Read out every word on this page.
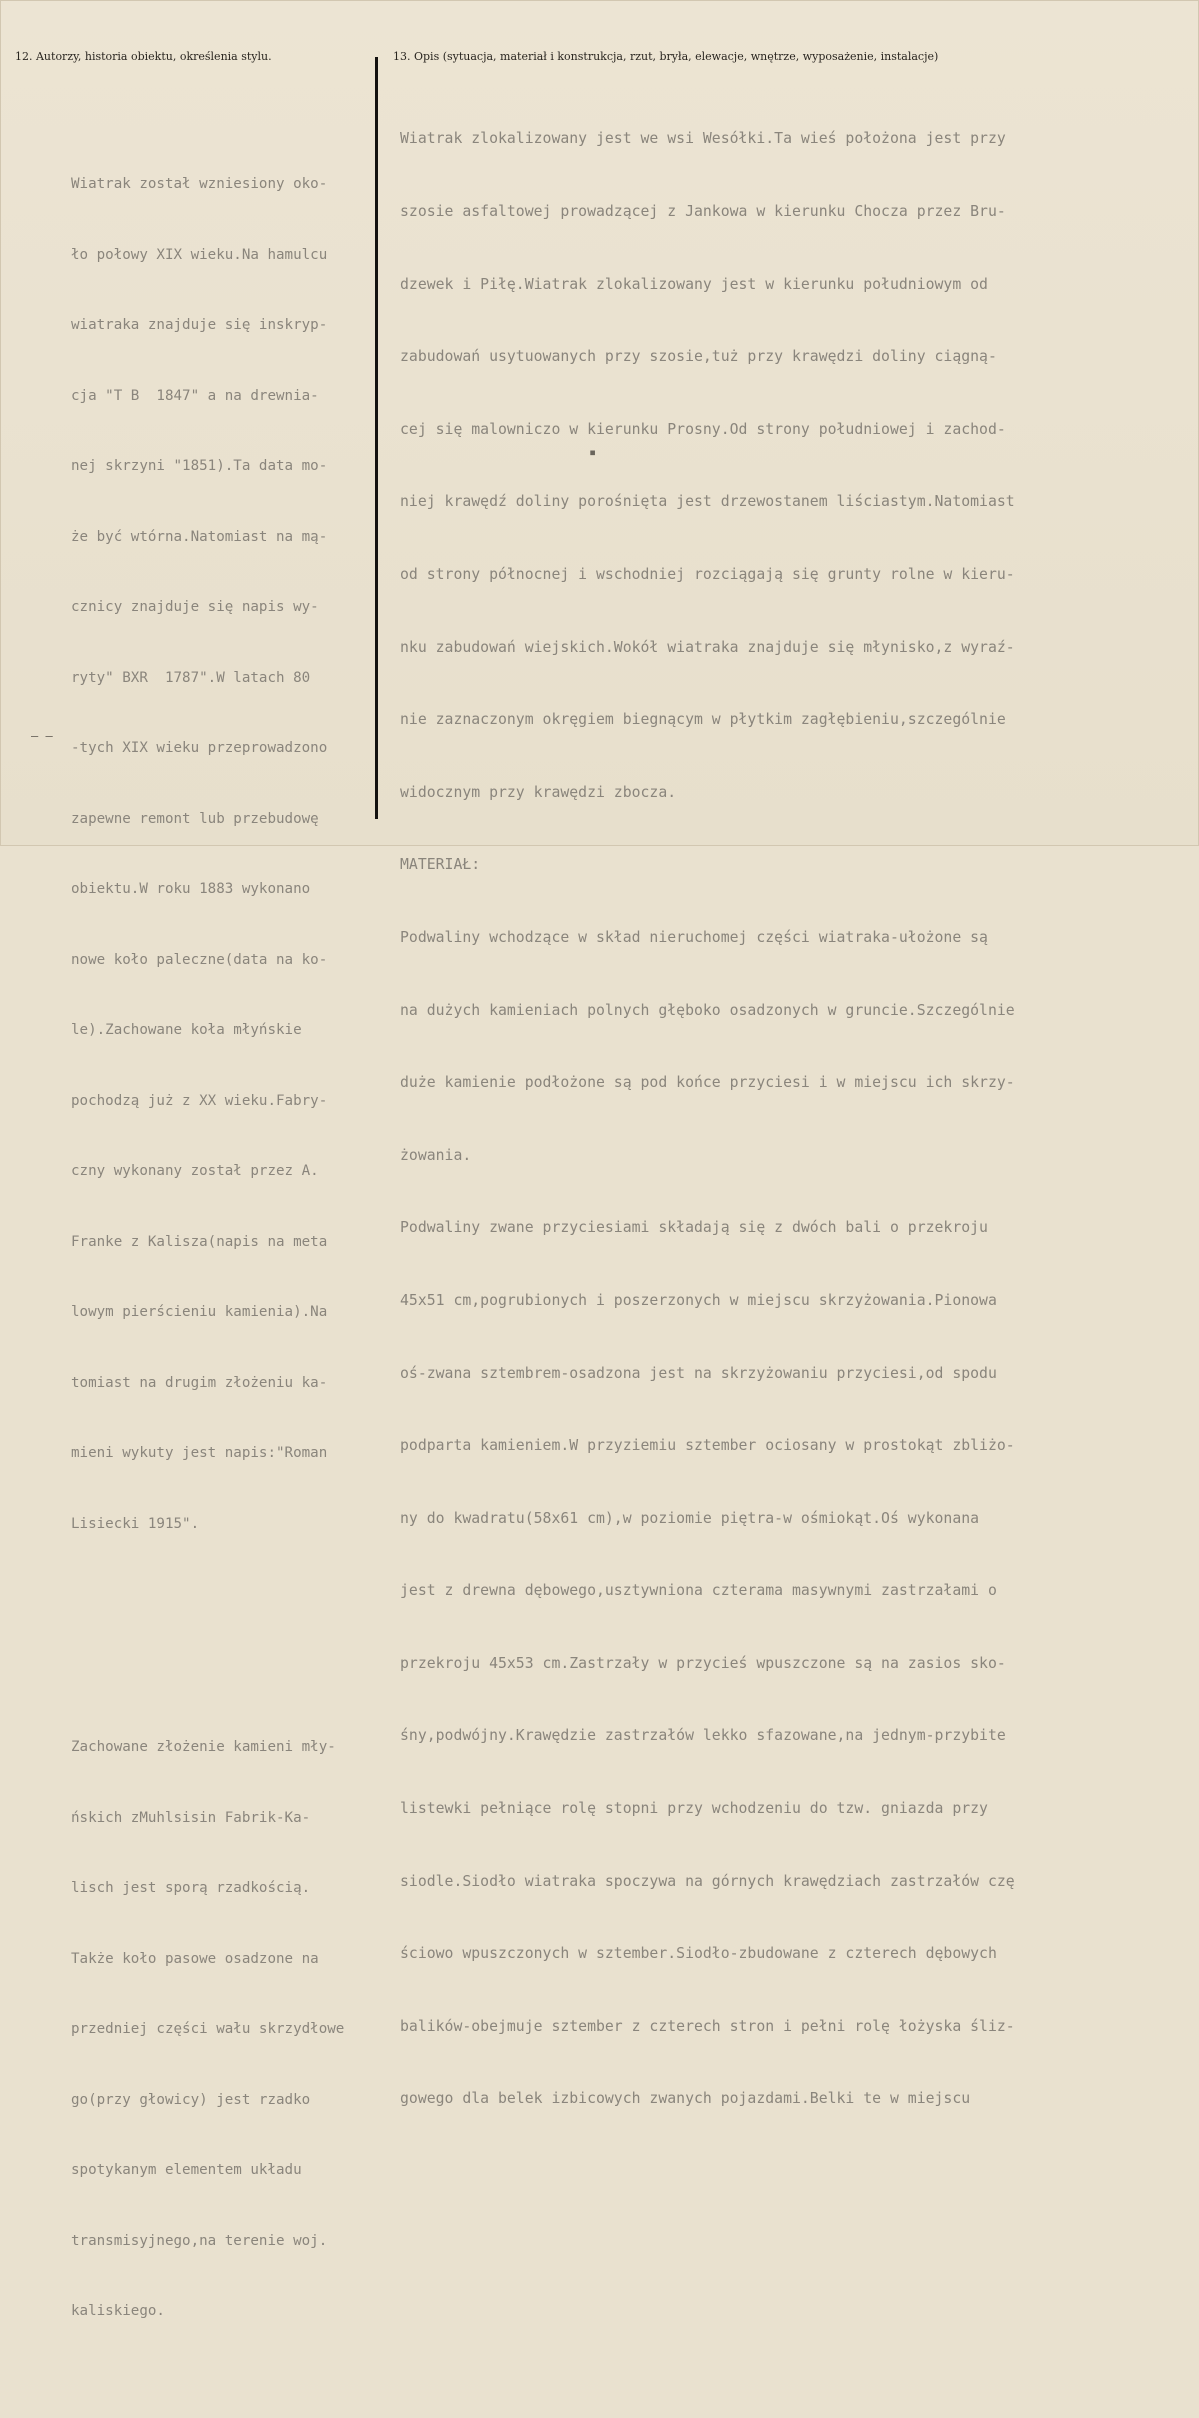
12. Autorzy, historia obiektu, określenia stylu.	13. Opis (sytuacja, materiał i konstrukcja, rzut, bryła, elewacje, wnętrze, wyposażenie, instalacje)

Wiatrak został wzniesiony oko-

ło połowy XIX wieku.Na hamulcu

wiatraka znajduje się inskryp-

cja "T B  1847" a na drewnia-

nej skrzyni "1851).Ta data mo-

że być wtórna.Natomiast na mą-

cznicy znajduje się napis wy-

ryty" BXR  1787".W latach 80

-tych XIX wieku przeprowadzono

zapewne remont lub przebudowę

obiektu.W roku 1883 wykonano

nowe koło paleczne(data na ko-

le).Zachowane koła młyńskie

pochodzą już z XX wieku.Fabry-

czny wykonany został przez A.

Franke z Kalisza(napis na meta

lowym pierścieniu kamienia).Na

tomiast na drugim złożeniu ka-

mieni wykuty jest napis:"Roman

Lisiecki 1915".

Zachowane złożenie kamieni mły-

ńskich zMuhlsisin Fabrik-Ka-

lisch jest sporą rzadkością.

Także koło pasowe osadzone na

przedniej części wału skrzydłowe

go(przy głowicy) jest rzadko

spotykanym elementem układu

transmisyjnego,na terenie woj.

kaliskiego.

Wiatrak zlokalizowany jest we wsi Wesółki.Ta wieś położona jest przy

szosie asfaltowej prowadzącej z Jankowa w kierunku Chocza przez Bru-

dzewek i Piłę.Wiatrak zlokalizowany jest w kierunku południowym od

zabudowań usytuowanych przy szosie,tuż przy krawędzi doliny ciągną-

cej się malowniczo w kierunku Prosny.Od strony południowej i zachod-

niej krawędź doliny porośnięta jest drzewostanem liściastym.Natomiast

od strony północnej i wschodniej rozciągają się grunty rolne w kieru-

nku zabudowań wiejskich.Wokół wiatraka znajduje się młynisko,z wyraź-

nie zaznaczonym okręgiem biegnącym w płytkim zagłębieniu,szczególnie

widocznym przy krawędzi zbocza.

MATERIAŁ:

Podwaliny wchodzące w skład nieruchomej części wiatraka-ułożone są

na dużych kamieniach polnych głęboko osadzonych w gruncie.Szczególnie

duże kamienie podłożone są pod końce przyciesi i w miejscu ich skrzy-

żowania.

Podwaliny zwane przyciesiami składają się z dwóch bali o przekroju

45x51 cm,pogrubionych i poszerzonych w miejscu skrzyżowania.Pionowa

oś-zwana sztembrem-osadzona jest na skrzyżowaniu przyciesi,od spodu

podparta kamieniem.W przyziemiu sztember ociosany w prostokąt zbliżo-

ny do kwadratu(58x61 cm),w poziomie piętra-w ośmiokąt.Oś wykonana

jest z drewna dębowego,usztywniona czterama masywnymi zastrzałami o

przekroju 45x53 cm.Zastrzały w przycieś wpuszczone są na zasios sko-

śny,podwójny.Krawędzie zastrzałów lekko sfazowane,na jednym-przybite

listewki pełniące rolę stopni przy wchodzeniu do tzw. gniazda przy

siodle.Siodło wiatraka spoczywa na górnych krawędziach zastrzałów czę

ściowo wpuszczonych w sztember.Siodło-zbudowane z czterech dębowych

balików-obejmuje sztember z czterech stron i pełni rolę łożyska śliz-

gowego dla belek izbicowych zwanych pojazdami.Belki te w miejscu

▪
– –
